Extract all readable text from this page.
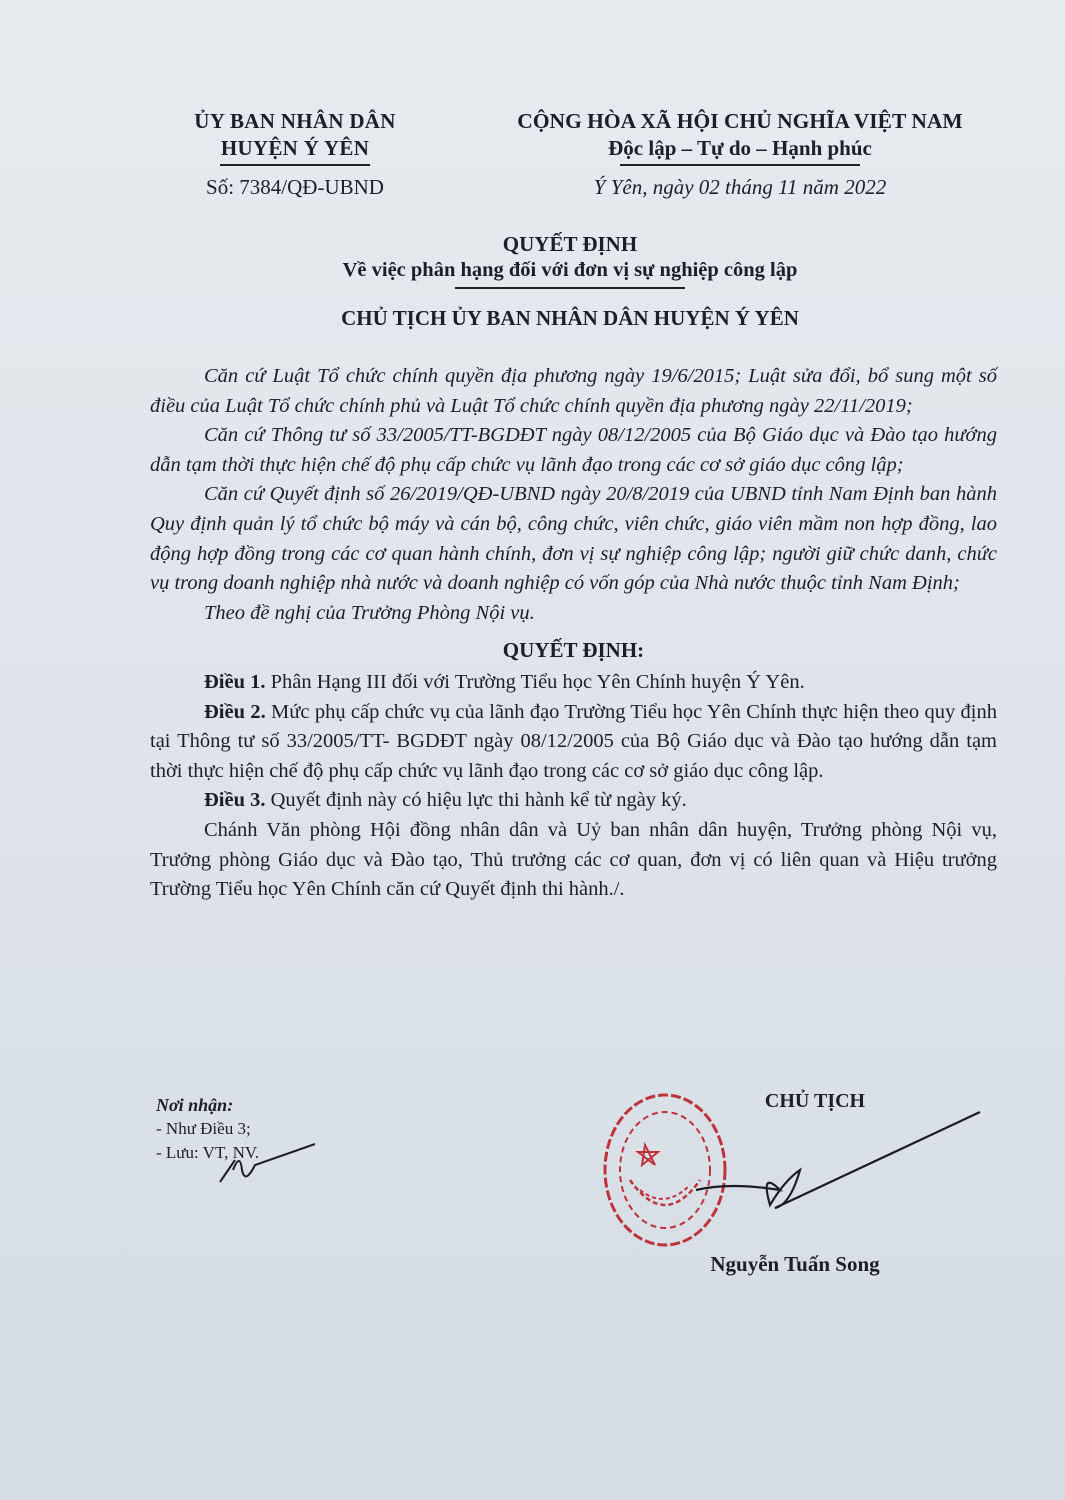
ỦY BAN NHÂN DÂN
HUYỆN Ý YÊN
Số: 7384/QĐ-UBND
CỘNG HÒA XÃ HỘI CHỦ NGHĨA VIỆT NAM
Độc lập – Tự do – Hạnh phúc
Ý Yên, ngày 02 tháng 11 năm 2022
QUYẾT ĐỊNH
Về việc phân hạng đối với đơn vị sự nghiệp công lập
CHỦ TỊCH ỦY BAN NHÂN DÂN HUYỆN Ý YÊN

Căn cứ Luật Tổ chức chính quyền địa phương ngày 19/6/2015; Luật sửa đổi, bổ sung một số điều của Luật Tổ chức chính phủ và Luật Tổ chức chính quyền địa phương ngày 22/11/2019;

Căn cứ Thông tư số 33/2005/TT-BGDĐT ngày 08/12/2005 của Bộ Giáo dục và Đào tạo hướng dẫn tạm thời thực hiện chế độ phụ cấp chức vụ lãnh đạo trong các cơ sở giáo dục công lập;

Căn cứ Quyết định số 26/2019/QĐ-UBND ngày 20/8/2019 của UBND tỉnh Nam Định ban hành Quy định quản lý tổ chức bộ máy và cán bộ, công chức, viên chức, giáo viên mầm non hợp đồng, lao động hợp đồng trong các cơ quan hành chính, đơn vị sự nghiệp công lập; người giữ chức danh, chức vụ trong doanh nghiệp nhà nước và doanh nghiệp có vốn góp của Nhà nước thuộc tỉnh Nam Định;

Theo đề nghị của Trưởng Phòng Nội vụ.

QUYẾT ĐỊNH:

Điều 1. Phân Hạng III đối với Trường Tiểu học Yên Chính huyện Ý Yên.

Điều 2. Mức phụ cấp chức vụ của lãnh đạo Trường Tiểu học Yên Chính thực hiện theo quy định tại Thông tư số 33/2005/TT- BGDĐT ngày 08/12/2005 của Bộ Giáo dục và Đào tạo hướng dẫn tạm thời thực hiện chế độ phụ cấp chức vụ lãnh đạo trong các cơ sở giáo dục công lập.

Điều 3. Quyết định này có hiệu lực thi hành kể từ ngày ký.

Chánh Văn phòng Hội đồng nhân dân và Uỷ ban nhân dân huyện, Trưởng phòng Nội vụ, Trưởng phòng Giáo dục và Đào tạo, Thủ trưởng các cơ quan, đơn vị có liên quan và Hiệu trưởng Trường Tiểu học Yên Chính căn cứ Quyết định thi hành./.

Nơi nhận:
- Như Điều 3;
- Lưu: VT, NV.
CHỦ TỊCH
Nguyễn Tuấn Song
